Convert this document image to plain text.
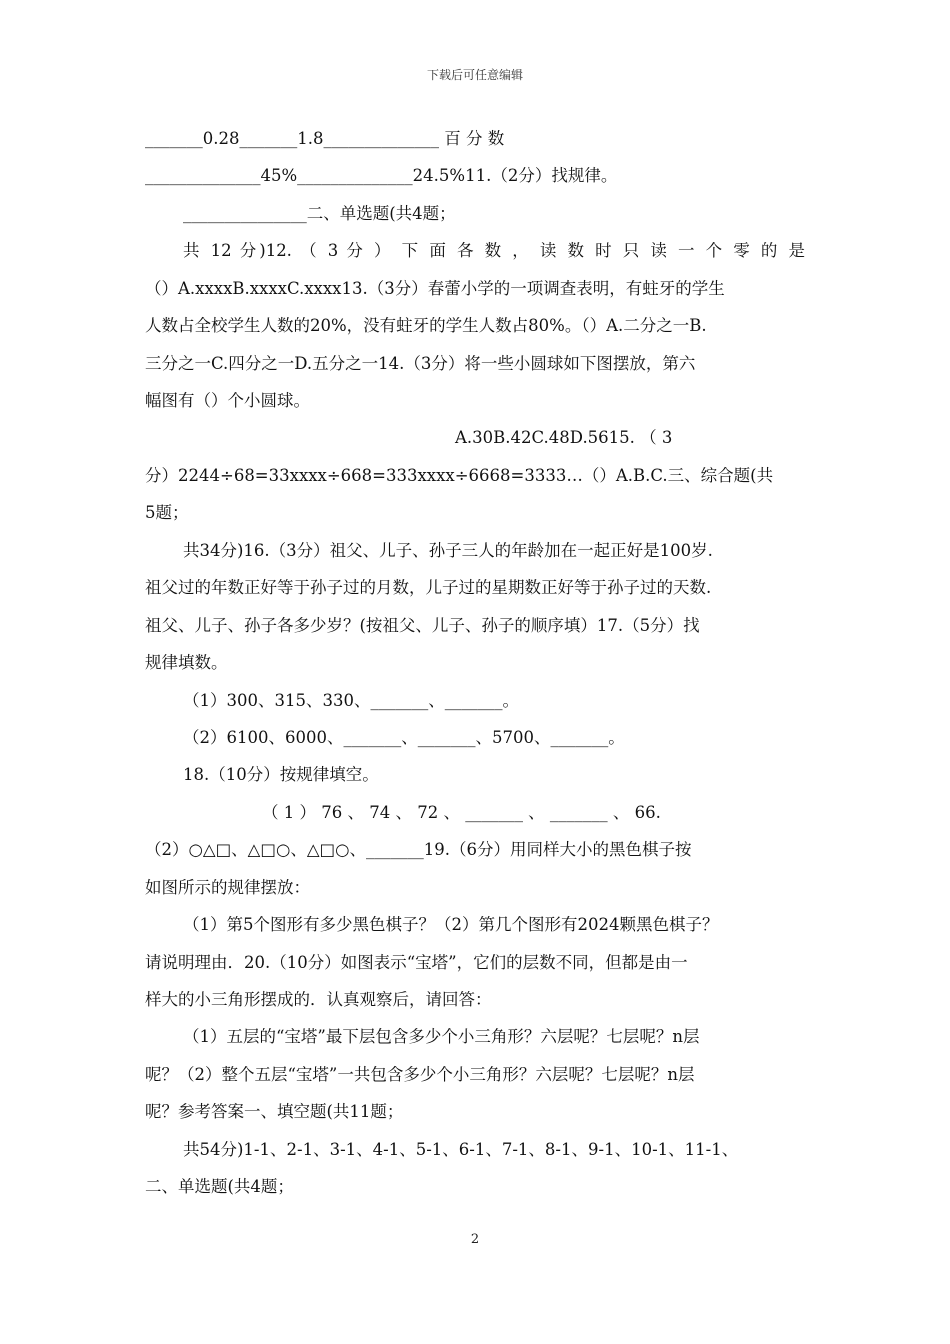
下载后可任意编辑
_______0.28_______1.8______________ 百 分 数
______________45%______________24.5%11.（2分）找规律。
_______________二、单选题(共4题；
共 12 分)12. （ 3 分 ） 下 面 各 数 ， 读 数 时 只 读 一 个 零 的 是
（）A.xxxxB.xxxxC.xxxx13.（3分）春蕾小学的一项调查表明，有蛀牙的学生
人数占全校学生人数的20%，没有蛀牙的学生人数占80%。（）A.二分之一B.
三分之一C.四分之一D.五分之一14.（3分）将一些小圆球如下图摆放，第六
幅图有（）个小圆球。
A.30B.42C.48D.5615. （ 3
分）2244÷68=33xxxx÷668=333xxxx÷6668=3333…（）A.B.C.三、综合题(共
5题；
共34分)16.（3分）祖父、儿子、孙子三人的年龄加在一起正好是100岁.
祖父过的年数正好等于孙子过的月数，儿子过的星期数正好等于孙子过的天数.
祖父、儿子、孙子各多少岁？(按祖父、儿子、孙子的顺序填）17.（5分）找
规律填数。
（1）300、315、330、_______、_______。
（2）6100、6000、_______、_______、5700、_______。
18.（10分）按规律填空。
（ 1 ） 76 、 74 、 72 、 _______ 、 _______ 、 66.
（2）○△□、△□○、△□○、_______19.（6分）用同样大小的黑色棋子按
如图所示的规律摆放：
（1）第5个图形有多少黑色棋子？（2）第几个图形有2024颗黑色棋子？
请说明理由．20.（10分）如图表示“宝塔”，它们的层数不同，但都是由一
样大的小三角形摆成的．认真观察后，请回答：
（1）五层的“宝塔”最下层包含多少个小三角形？六层呢？七层呢？n层
呢？（2）整个五层“宝塔”一共包含多少个小三角形？六层呢？七层呢？n层
呢？参考答案一、填空题(共11题；
共54分)1-1、2-1、3-1、4-1、5-1、6-1、7-1、8-1、9-1、10-1、11-1、
二、单选题(共4题；
2
